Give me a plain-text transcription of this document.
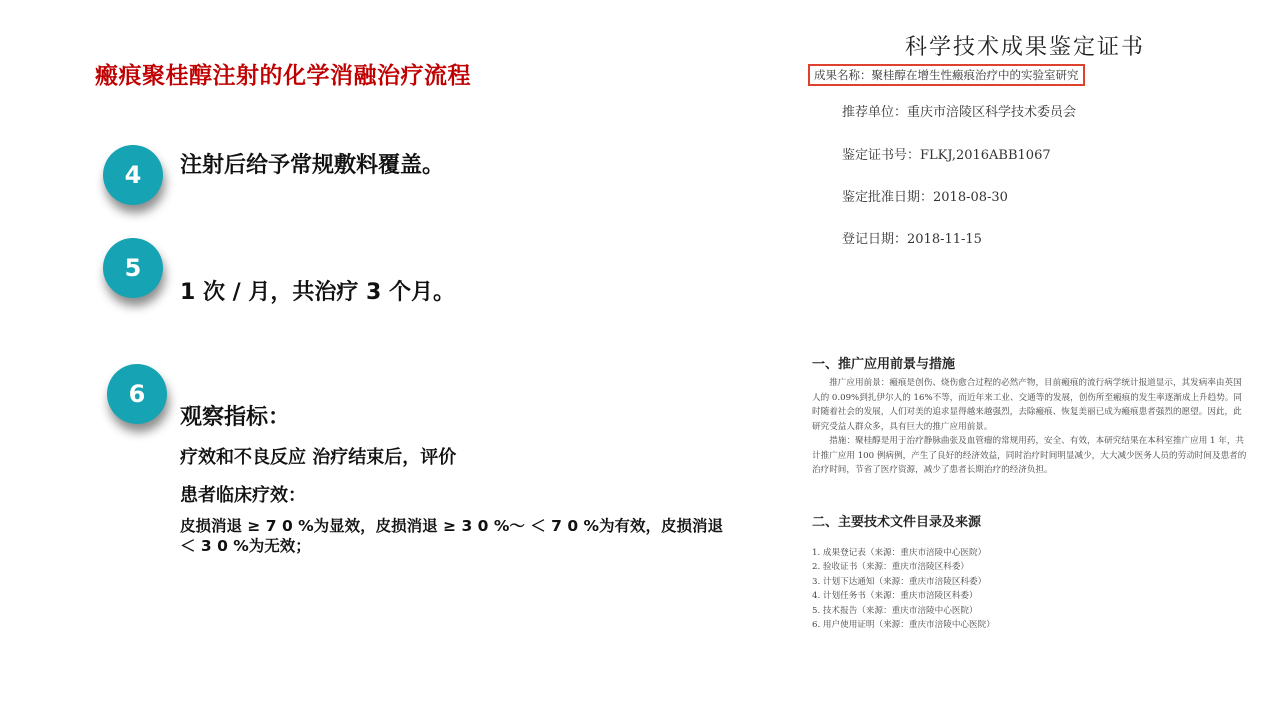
瘢痕聚桂醇注射的化学消融治疗流程
4	注射后给予常规敷料覆盖。
5
1 次 / 月，共治疗 3 个月。
6
观察指标：
疗效和不良反应 治疗结束后，评价
患者临床疗效：
皮损消退 ≥ 7 0 %为显效，皮损消退 ≥ 3 0 %～ ＜ 7 0 %为有效，皮损消退 ＜ 3 0 %为无效；
科学技术成果鉴定证书
成果名称：聚桂醇在增生性瘢痕治疗中的实验室研究
推荐单位：重庆市涪陵区科学技术委员会
鉴定证书号：FLKJ,2016ABB1067
鉴定批准日期：2018-08-30
登记日期：2018-11-15
一、推广应用前景与措施
推广应用前景：瘢痕是创伤、烧伤愈合过程的必然产物，目前瘢痕的流行病学统计报道显示，其发病率由英国人的 0.09%到扎伊尔人的 16%不等，而近年来工业、交通等的发展，创伤所至瘢痕的发生率逐渐成上升趋势。同时随着社会的发展，人们对美的追求显得越来越强烈，去除瘢痕、恢复美丽已成为瘢痕患者强烈的愿望。因此，此研究受益人群众多，具有巨大的推广应用前景。
措施：聚桂醇是用于治疗静脉曲张及血管瘤的常规用药，安全、有效，本研究结果在本科室推广应用 1 年，共计推广应用 100 例病例，产生了良好的经济效益，同时治疗时间明显减少，大大减少医务人员的劳动时间及患者的治疗时间，节省了医疗资源，减少了患者长期治疗的经济负担。
二、主要技术文件目录及来源
1. 成果登记表（来源：重庆市涪陵中心医院）
2. 验收证书（来源：重庆市涪陵区科委）
3. 计划下达通知（来源：重庆市涪陵区科委）
4. 计划任务书（来源：重庆市涪陵区科委）
5. 技术报告（来源：重庆市涪陵中心医院）
6. 用户使用证明（来源：重庆市涪陵中心医院）
